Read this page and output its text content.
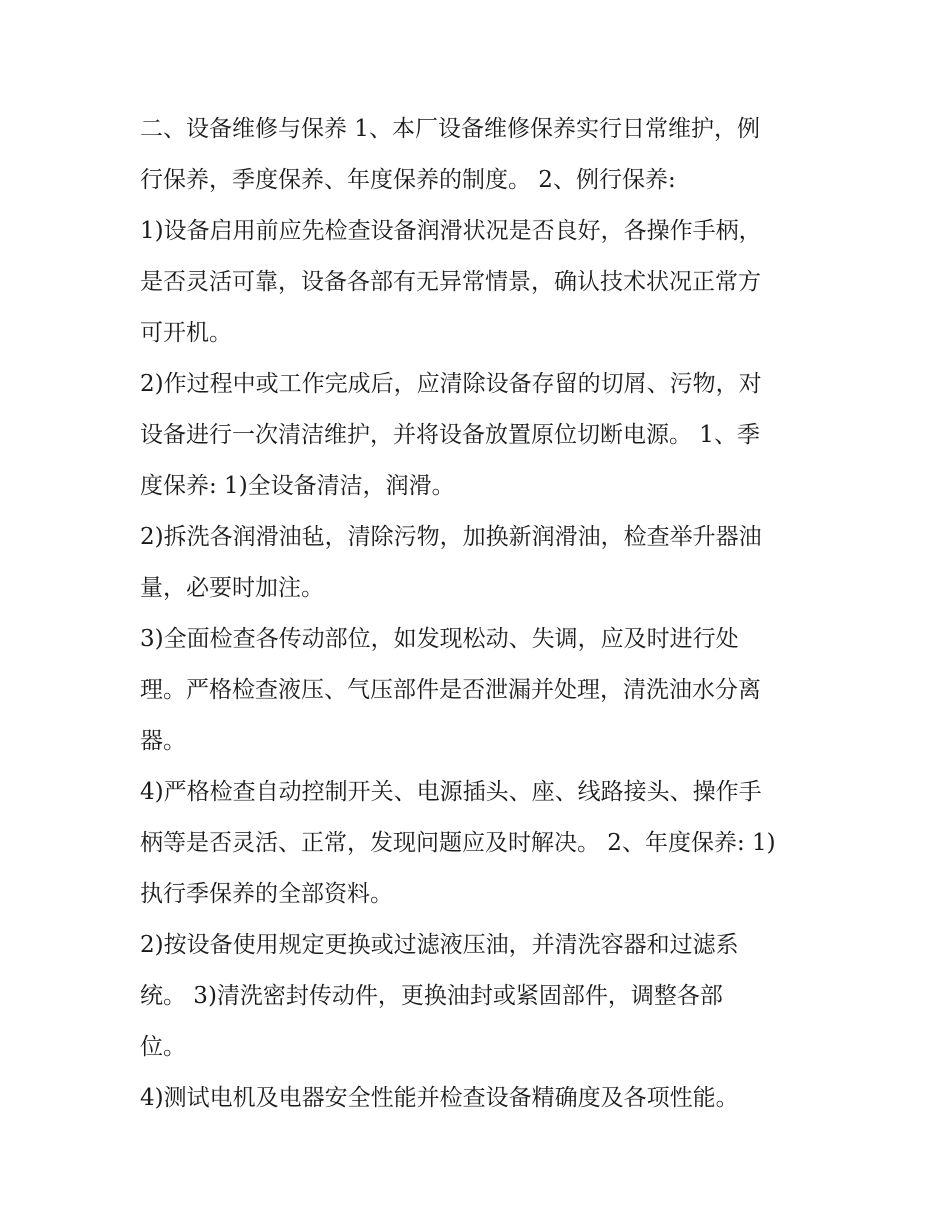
二、设备维修与保养 1、本厂设备维修保养实行日常维护，例
行保养，季度保养、年度保养的制度。 2、例行保养:
1)设备启用前应先检查设备润滑状况是否良好，各操作手柄，
是否灵活可靠，设备各部有无异常情景，确认技术状况正常方
可开机。
2)作过程中或工作完成后，应清除设备存留的切屑、污物，对
设备进行一次清洁维护，并将设备放置原位切断电源。 1、季
度保养: 1)全设备清洁，润滑。
2)拆洗各润滑油毡，清除污物，加换新润滑油，检查举升器油
量，必要时加注。
3)全面检查各传动部位，如发现松动、失调，应及时进行处
理。严格检查液压、气压部件是否泄漏并处理，清洗油水分离
器。
4)严格检查自动控制开关、电源插头、座、线路接头、操作手
柄等是否灵活、正常，发现问题应及时解决。 2、年度保养: 1)
执行季保养的全部资料。
2)按设备使用规定更换或过滤液压油，并清洗容器和过滤系
统。 3)清洗密封传动件，更换油封或紧固部件，调整各部
位。
4)测试电机及电器安全性能并检查设备精确度及各项性能。
